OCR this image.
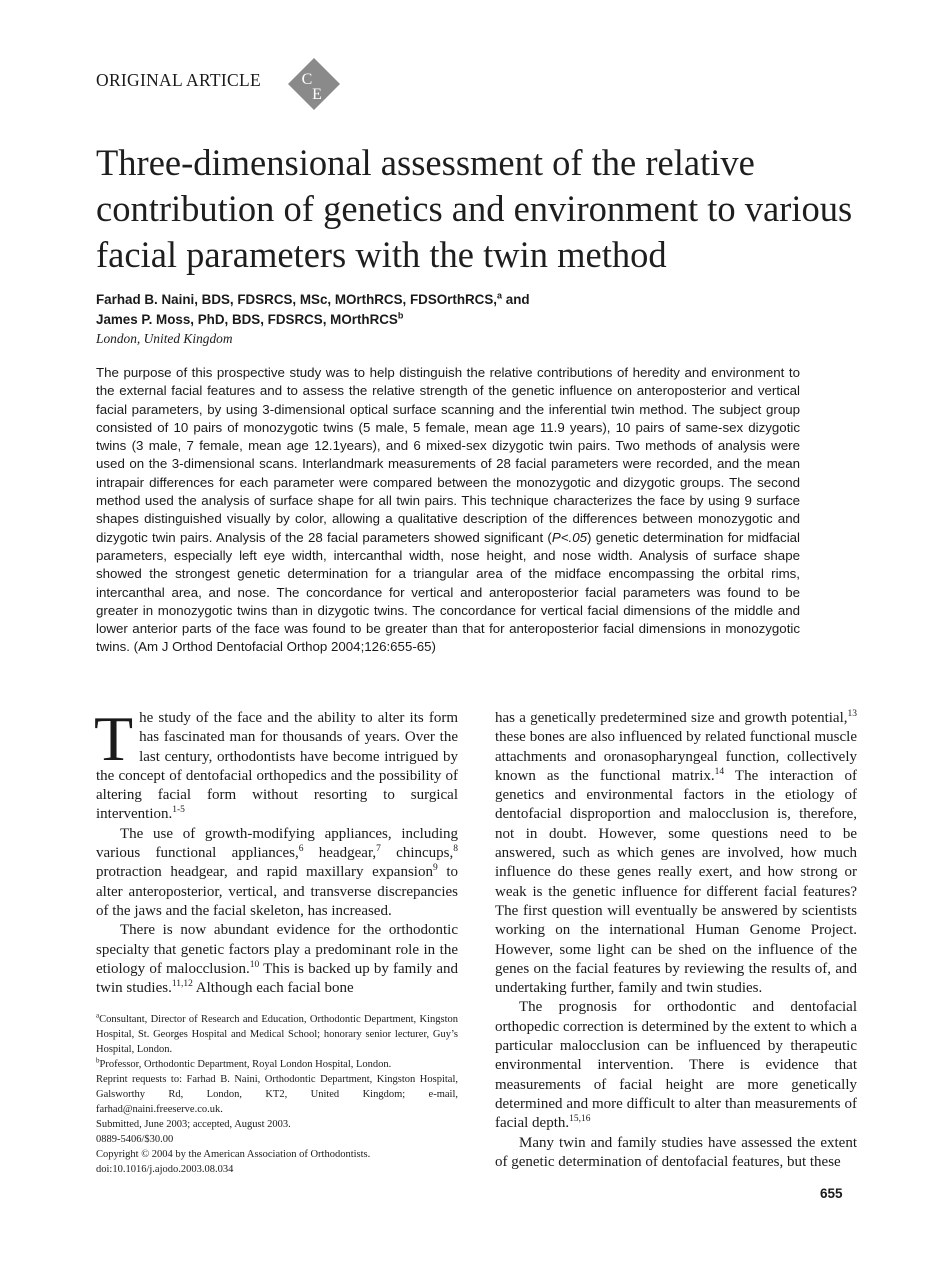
ORIGINAL ARTICLE	C
E
Three-dimensional assessment of the relative contribution of genetics and environment to various facial parameters with the twin method
Farhad B. Naini, BDS, FDSRCS, MSc, MOrthRCS, FDSOrthRCS,$^a$ and
James P. Moss, PhD, BDS, FDSRCS, MOrthRCS$^b$
London, United Kingdom

The purpose of this prospective study was to help distinguish the relative contributions of heredity and environment to the external facial features and to assess the relative strength of the genetic influence on anteroposterior and vertical facial parameters, by using 3-dimensional optical surface scanning and the inferential twin method. The subject group consisted of 10 pairs of monozygotic twins (5 male, 5 female, mean age 11.9 years), 10 pairs of same-sex dizygotic twins (3 male, 7 female, mean age 12.1years), and 6 mixed-sex dizygotic twin pairs. Two methods of analysis were used on the 3-dimensional scans. Interlandmark measurements of 28 facial parameters were recorded, and the mean intrapair differences for each parameter were compared between the monozygotic and dizygotic groups. The second method used the analysis of surface shape for all twin pairs. This technique characterizes the face by using 9 surface shapes distinguished visually by color, allowing a qualitative description of the differences between monozygotic and dizygotic twin pairs. Analysis of the 28 facial parameters showed significant (P<.05) genetic determination for midfacial parameters, especially left eye width, intercanthal width, nose height, and nose width. Analysis of surface shape showed the strongest genetic determination for a triangular area of the midface encompassing the orbital rims, intercanthal area, and nose. The concordance for vertical and anteroposterior facial parameters was found to be greater in monozygotic twins than in dizygotic twins. The concordance for vertical facial dimensions of the middle and lower anterior parts of the face was found to be greater than that for anteroposterior facial dimensions in monozygotic twins. (Am J Orthod Dentofacial Orthop 2004;126:655-65)

The study of the face and the ability to alter its form has fascinated man for thousands of years. Over the last century, orthodontists have become intrigued by the concept of dentofacial orthopedics and the possibility of altering facial form without resorting to surgical intervention.$^{1-5}$

The use of growth-modifying appliances, including various functional appliances,$^6$ headgear,$^7$ chincups,$^8$ protraction headgear, and rapid maxillary expansion$^9$ to alter anteroposterior, vertical, and transverse discrepancies of the jaws and the facial skeleton, has increased.

There is now abundant evidence for the orthodontic specialty that genetic factors play a predominant role in the etiology of malocclusion.$^{10}$ This is backed up by family and twin studies.$^{11,12}$ Although each facial bone

$^a$Consultant, Director of Research and Education, Orthodontic Department, Kingston Hospital, St. Georges Hospital and Medical School; honorary senior lecturer, Guy’s Hospital, London.

$^b$Professor, Orthodontic Department, Royal London Hospital, London.

Reprint requests to: Farhad B. Naini, Orthodontic Department, Kingston Hospital, Galsworthy Rd, London, KT2, United Kingdom; e-mail, farhad@naini.freeserve.co.uk.

Submitted, June 2003; accepted, August 2003.

0889-5406/$30.00

Copyright © 2004 by the American Association of Orthodontists.

doi:10.1016/j.ajodo.2003.08.034

has a genetically predetermined size and growth potential,$^{13}$ these bones are also influenced by related functional muscle attachments and oronasopharyngeal function, collectively known as the functional matrix.$^{14}$ The interaction of genetics and environmental factors in the etiology of dentofacial disproportion and malocclusion is, therefore, not in doubt. However, some questions need to be answered, such as which genes are involved, how much influence do these genes really exert, and how strong or weak is the genetic influence for different facial features? The first question will eventually be answered by scientists working on the international Human Genome Project. However, some light can be shed on the influence of the genes on the facial features by reviewing the results of, and undertaking further, family and twin studies.

The prognosis for orthodontic and dentofacial orthopedic correction is determined by the extent to which a particular malocclusion can be influenced by therapeutic environmental intervention. There is evidence that measurements of facial height are more genetically determined and more difficult to alter than measurements of facial depth.$^{15,16}$

Many twin and family studies have assessed the extent of genetic determination of dentofacial features, but these

655
